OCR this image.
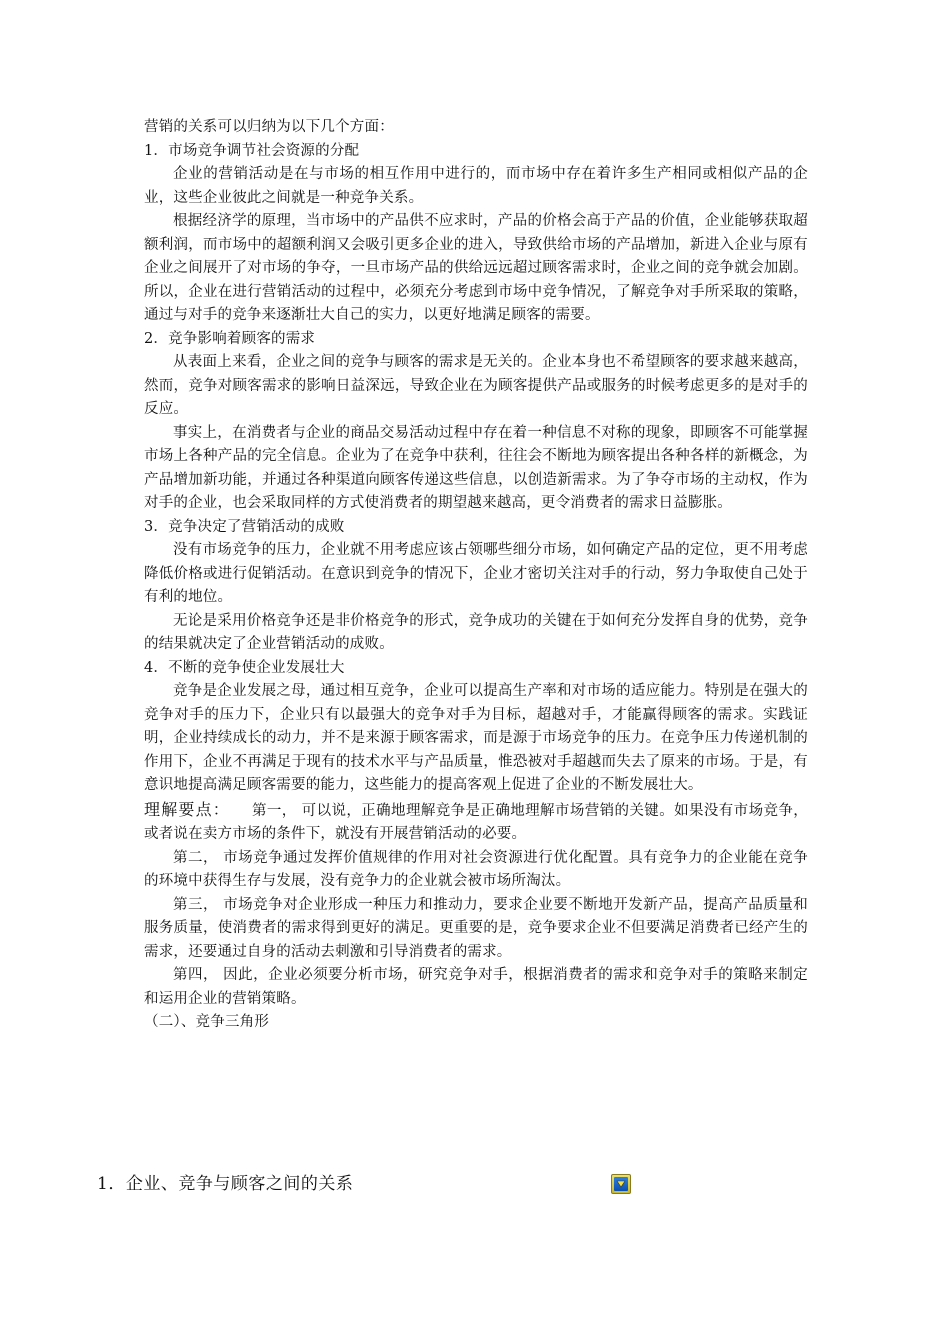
营销的关系可以归纳为以下几个方面：

1．市场竞争调节社会资源的分配

企业的营销活动是在与市场的相互作用中进行的，而市场中存在着许多生产相同或相似产品的企业，这些企业彼此之间就是一种竞争关系。

根据经济学的原理，当市场中的产品供不应求时，产品的价格会高于产品的价值，企业能够获取超额利润，而市场中的超额利润又会吸引更多企业的进入，导致供给市场的产品增加，新进入企业与原有企业之间展开了对市场的争夺，一旦市场产品的供给远远超过顾客需求时，企业之间的竞争就会加剧。所以，企业在进行营销活动的过程中，必须充分考虑到市场中竞争情况，了解竞争对手所采取的策略，通过与对手的竞争来逐渐壮大自己的实力，以更好地满足顾客的需要。

2．竞争影响着顾客的需求

从表面上来看，企业之间的竞争与顾客的需求是无关的。企业本身也不希望顾客的要求越来越高，然而，竞争对顾客需求的影响日益深远，导致企业在为顾客提供产品或服务的时候考虑更多的是对手的反应。

事实上，在消费者与企业的商品交易活动过程中存在着一种信息不对称的现象，即顾客不可能掌握市场上各种产品的完全信息。企业为了在竞争中获利，往往会不断地为顾客提出各种各样的新概念，为产品增加新功能，并通过各种渠道向顾客传递这些信息，以创造新需求。为了争夺市场的主动权，作为对手的企业，也会采取同样的方式使消费者的期望越来越高，更令消费者的需求日益膨胀。

3．竞争决定了营销活动的成败

没有市场竞争的压力，企业就不用考虑应该占领哪些细分市场，如何确定产品的定位，更不用考虑降低价格或进行促销活动。在意识到竞争的情况下，企业才密切关注对手的行动，努力争取使自己处于有利的地位。

无论是采用价格竞争还是非价格竞争的形式，竞争成功的关键在于如何充分发挥自身的优势，竞争的结果就决定了企业营销活动的成败。

4．不断的竞争使企业发展壮大

竞争是企业发展之母，通过相互竞争，企业可以提高生产率和对市场的适应能力。特别是在强大的竞争对手的压力下，企业只有以最强大的竞争对手为目标，超越对手，才能赢得顾客的需求。实践证明，企业持续成长的动力，并不是来源于顾客需求，而是源于市场竞争的压力。在竞争压力传递机制的作用下，企业不再满足于现有的技术水平与产品质量，惟恐被对手超越而失去了原来的市场。于是，有意识地提高满足顾客需要的能力，这些能力的提高客观上促进了企业的不断发展壮大。

理解要点： 第一， 可以说，正确地理解竞争是正确地理解市场营销的关键。如果没有市场竞争，或者说在卖方市场的条件下，就没有开展营销活动的必要。

第二， 市场竞争通过发挥价值规律的作用对社会资源进行优化配置。具有竞争力的企业能在竞争的环境中获得生存与发展，没有竞争力的企业就会被市场所淘汰。

第三， 市场竞争对企业形成一种压力和推动力，要求企业要不断地开发新产品，提高产品质量和服务质量，使消费者的需求得到更好的满足。更重要的是，竞争要求企业不但要满足消费者已经产生的需求，还要通过自身的活动去刺激和引导消费者的需求。

第四， 因此，企业必须要分析市场，研究竞争对手，根据消费者的需求和竞争对手的策略来制定和运用企业的营销策略。

（二）、竞争三角形

1．企业、竞争与顾客之间的关系
